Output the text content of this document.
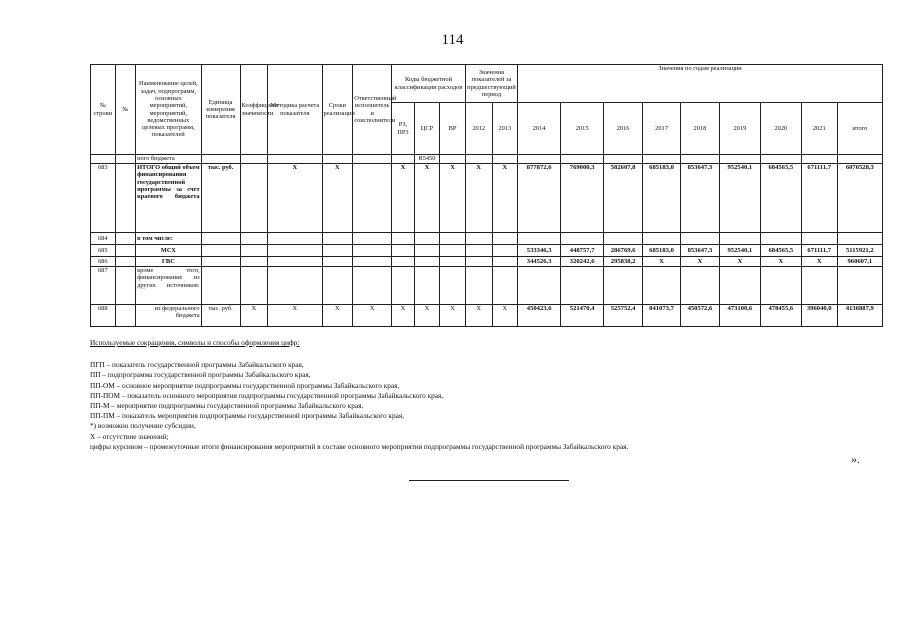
114
№ строки	№	Наименование целей, задач, подпрограмм, основных мероприятий, мероприятий, ведомственных целевых программ, показателей	Единица измерения показателя	Коэффициент значимости	Методика расчета показателя	Сроки реализации	Ответственный исполнитель и соисполнители	Коды бюджетной классификации расходов			Значения показателей за предшествующий период		Значения по годам реализации								
								РЗ, ПР3	ЦСР	ВР	2012	2013	2014	2015	2016	2017	2018	2019	2020	2021	итого
		ного бюджета							R5450												
683		ИТОГО общий объем финансирования государственной программы за счет краевого бюджета	тыс. руб.		X	X		X	X	X	X	X	877872,6	769000,3	582607,8	685183,0	853647,3	952540,1	684565,5	671111,7	6076528,3
684		в том числе:																			
685		МСХ											533346,3	448757,7	286769,6	685183,0	853647,3	952540,1	684565,5	671111,7	5115921,2
686		ГВС											344526,3	320242,6	295838,2	X	X	X	X	X	960607,1
687		кроме того, финансирование из других источников:																			
688		из федерального бюджета	тыс. руб.	X	X	X	X	X	X	X	X	X	450423,6	521470,4	525752,4	841073,7	450572,6	473100,6	478455,6	396040,0	4136887,9
Используемые сокращения, символы и способы оформления цифр:
ПГП – показатель государственной программы Забайкальского края,
ПП – подпрограмма государственной программы Забайкальского края,
ПП-ОМ – основное мероприятие подпрограммы государственной программы Забайкальского края,
ПП-ПОМ – показатель основного мероприятия подпрограммы государственной программы Забайкальского края,
ПП-М – мероприятие подпрограммы государственной программы Забайкальского края,
ПП-ПМ – показатель мероприятия подпрограммы государственной программы Забайкальского края,
*) возможно получение субсидии,
X – отсутствие значений;
цифры курсивом – промежуточные итоги финансирования мероприятий в составе основного мероприятия подпрограммы государственной программы Забайкальского края.
».
